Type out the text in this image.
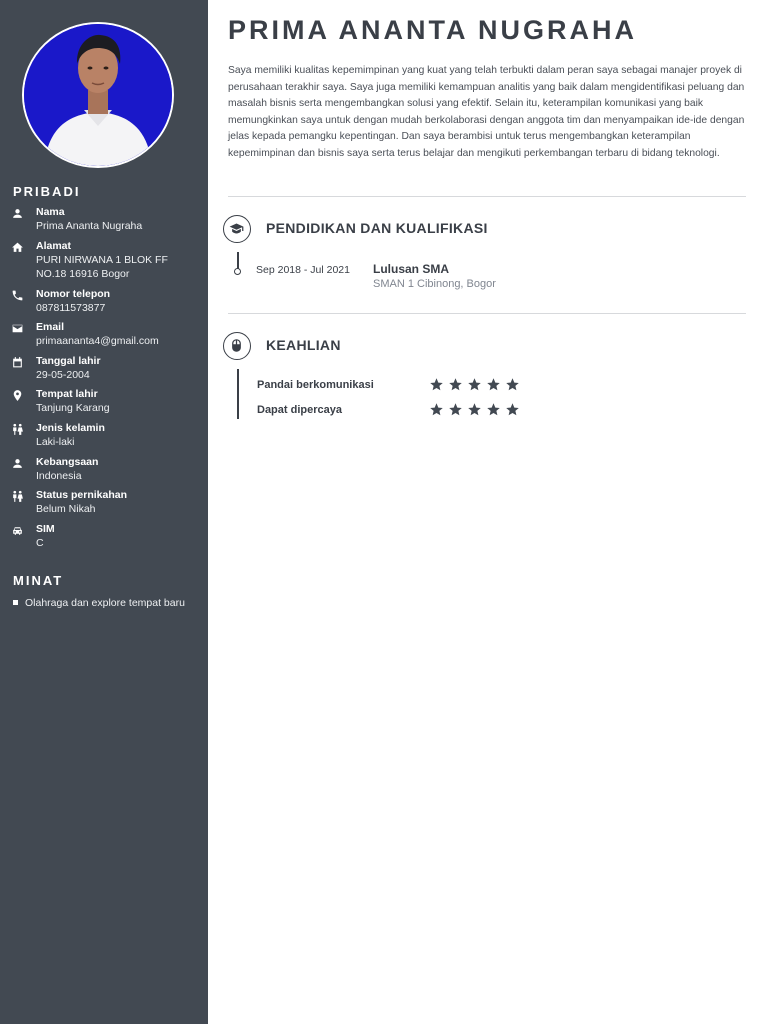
PRIBADI
Nama
Prima Ananta Nugraha
Alamat
PURI NIRWANA 1 BLOK FF NO.18 16916 Bogor
Nomor telepon
087811573877
Email
primaananta4@gmail.com
Tanggal lahir
29-05-2004
Tempat lahir
Tanjung Karang
Jenis kelamin
Laki-laki
Kebangsaan
Indonesia
Status pernikahan
Belum Nikah
SIM
C
MINAT
Olahraga dan explore tempat baru
PRIMA ANANTA NUGRAHA
Saya memiliki kualitas kepemimpinan yang kuat yang telah terbukti dalam peran saya sebagai manajer proyek di perusahaan terakhir saya. Saya juga memiliki kemampuan analitis yang baik dalam mengidentifikasi peluang dan masalah bisnis serta mengembangkan solusi yang efektif. Selain itu, keterampilan komunikasi yang baik memungkinkan saya untuk dengan mudah berkolaborasi dengan anggota tim dan menyampaikan ide-ide dengan jelas kepada pemangku kepentingan. Dan saya berambisi untuk terus mengembangkan keterampilan kepemimpinan dan bisnis saya serta terus belajar dan mengikuti perkembangan terbaru di bidang teknologi.
PENDIDIKAN DAN KUALIFIKASI
Sep 2018 - Jul 2021 Lulusan SMA
SMAN 1 Cibinong, Bogor
KEAHLIAN
Pandai berkomunikasi
Dapat dipercaya
